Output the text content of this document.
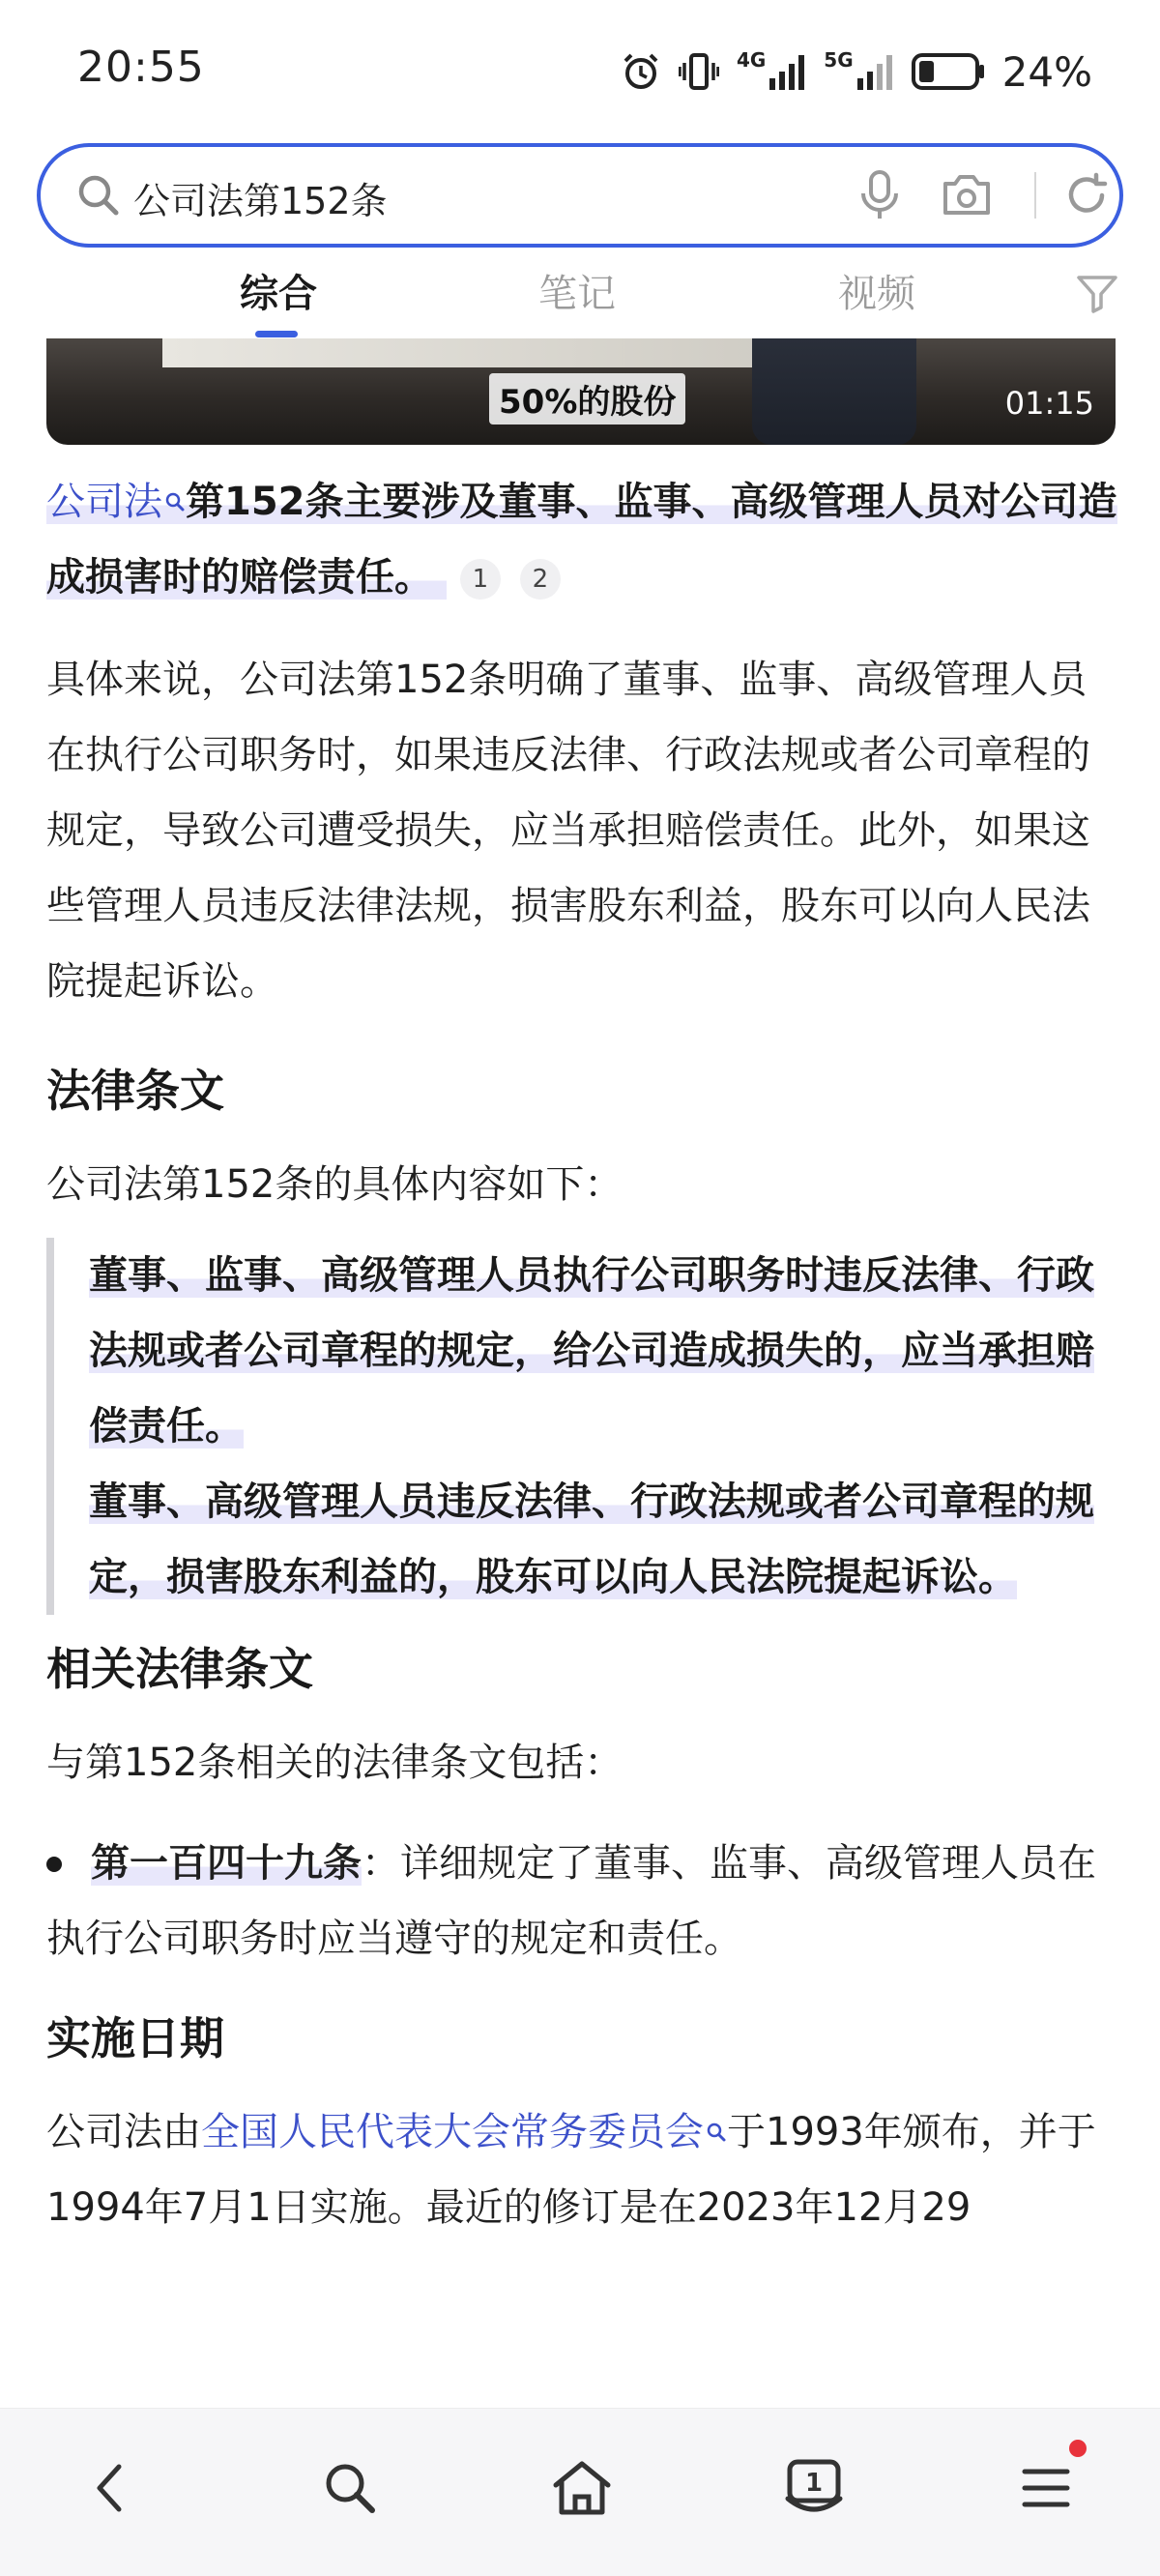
20:55	4G	5G	24%
公司法第152条
综合	笔记	视频
50%的股份	01:15
公司法 第152条主要涉及董事、监事、高级管理人员对公司造成损害时的赔偿责任。 1 2
具体来说，公司法第152条明确了董事、监事、高级管理人员在执行公司职务时，如果违反法律、行政法规或者公司章程的规定，导致公司遭受损失，应当承担赔偿责任。此外，如果这些管理人员违反法律法规，损害股东利益，股东可以向人民法院提起诉讼。
法律条文
公司法第152条的具体内容如下：
董事、监事、高级管理人员执行公司职务时违反法律、行政法规或者公司章程的规定，给公司造成损失的，应当承担赔偿责任。
董事、高级管理人员违反法律、行政法规或者公司章程的规定，损害股东利益的，股东可以向人民法院提起诉讼。
相关法律条文
与第152条相关的法律条文包括：
第一百四十九条：详细规定了董事、监事、高级管理人员在执行公司职务时应当遵守的规定和责任。
实施日期
公司法由全国人民代表大会常务委员会 于1993年颁布，并于1994年7月1日实施。最近的修订是在2023年12月29
1
